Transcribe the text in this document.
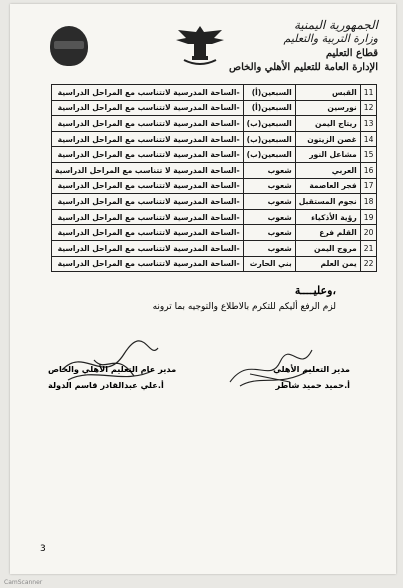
الجمهورية اليمنية
وزارة التربية والتعليم
قطاع التعليم
الإدارة العامة للتعليم الأهلي والخاص
11	القبس	السبعين(أ)	-الساحة المدرسية لاتتناسب مع المراحل الدراسية
12	نورسين	السبعين(أ)	-الساحة المدرسية لاتتناسب مع المراحل الدراسية
13	ريتاج اليمن	السبعين(ب)	-الساحة المدرسية لاتتناسب مع المراحل الدراسية
14	غصن الزيتون	السبعين(ب)	-الساحة المدرسية لاتتناسب مع المراحل الدراسية
15	مشاعل النور	السبعين(ب)	-الساحة المدرسية لاتتناسب مع المراحل الدراسية
16	العربي	شعوب	-الساحة المدرسية لا تتناسب مع المراحل الدراسية
17	فجر العاصمة	شعوب	-الساحة المدرسية لاتتناسب مع المراحل الدراسية
18	نجوم المستقبل	شعوب	-الساحة المدرسية لاتتناسب مع المراحل الدراسية
19	رؤية الأذكياء	شعوب	-الساحة المدرسية لاتتناسب مع المراحل الدراسية
20	القلم فرع	شعوب	-الساحة المدرسية لاتتناسب مع المراحل الدراسية
21	مروج اليمن	شعوب	-الساحة المدرسية لاتتناسب مع المراحل الدراسية
22	يمن العلم	بني الحارث	-الساحة المدرسية لاتتناسب مع المراحل الدراسية
وعليــــة،
لزم الرفع أليكم للتكرم بالاطلاع والتوجيه بما ترونه
مدير التعليم الأهلي
أ.حميد حميد شاطر
مدير عام التعليم الأهلي والخاص
أ.علي عبدالقادر قاسم الدولة
3
CamScanner
